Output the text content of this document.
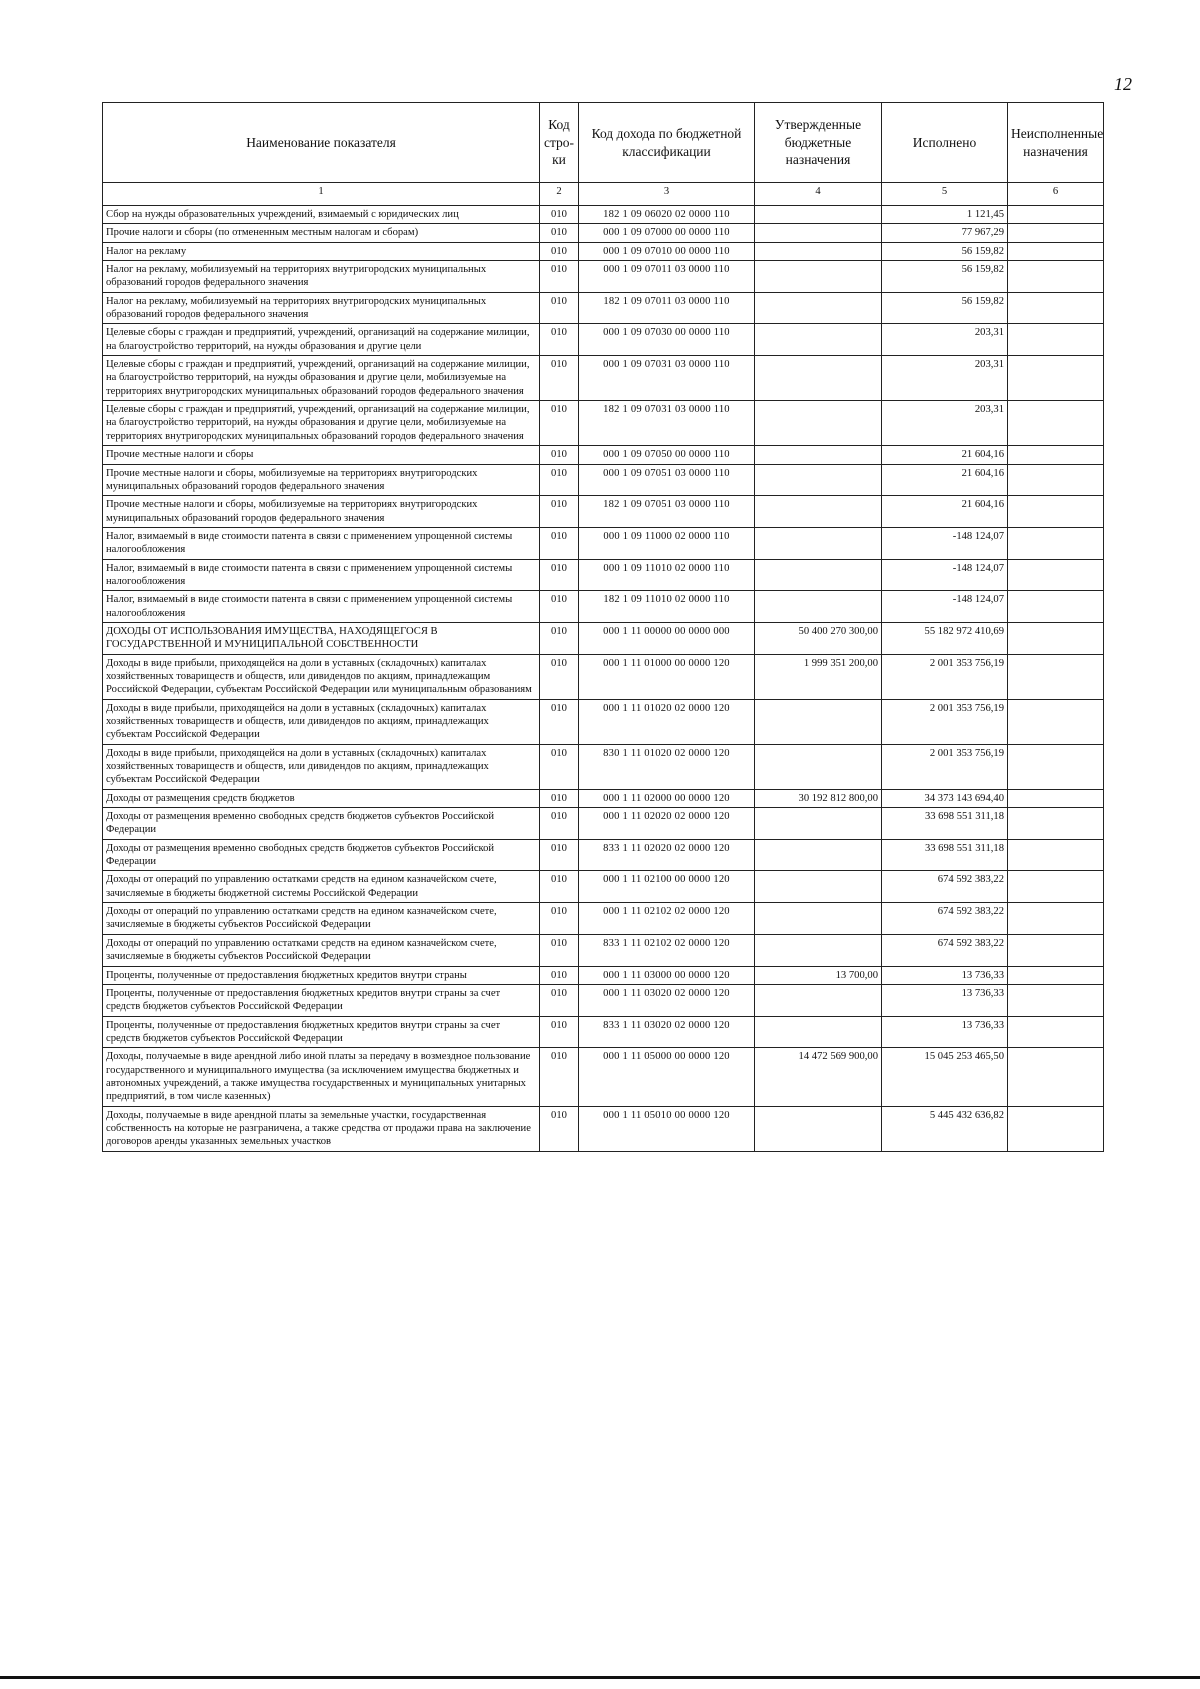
12
Наименование показателя	Код стро-ки	Код дохода по бюджетной классификации	Утвержденные бюджетные назначения	Исполнено	Неисполненные назначения
1	2	3	4	5	6
Сбор на нужды образовательных учреждений, взимаемый с юридических лиц	010	182 1 09 06020 02 0000 110		1 121,45	
Прочие налоги и сборы (по отмененным местным налогам и сборам)	010	000 1 09 07000 00 0000 110		77 967,29	
Налог на рекламу	010	000 1 09 07010 00 0000 110		56 159,82	
Налог на рекламу, мобилизуемый на территориях внутригородских муниципальных образований городов федерального значения	010	000 1 09 07011 03 0000 110		56 159,82	
Налог на рекламу, мобилизуемый на территориях внутригородских муниципальных образований городов федерального значения	010	182 1 09 07011 03 0000 110		56 159,82	
Целевые сборы с граждан и предприятий, учреждений, организаций на содержание милиции, на благоустройство территорий, на нужды образования и другие цели	010	000 1 09 07030 00 0000 110		203,31	
Целевые сборы с граждан и предприятий, учреждений, организаций на содержание милиции, на благоустройство территорий, на нужды образования и другие цели, мобилизуемые на территориях внутригородских муниципальных образований городов федерального значения	010	000 1 09 07031 03 0000 110		203,31	
Целевые сборы с граждан и предприятий, учреждений, организаций на содержание милиции, на благоустройство территорий, на нужды образования и другие цели, мобилизуемые на территориях внутригородских муниципальных образований городов федерального значения	010	182 1 09 07031 03 0000 110		203,31	
Прочие местные налоги и сборы	010	000 1 09 07050 00 0000 110		21 604,16	
Прочие местные налоги и сборы, мобилизуемые на территориях внутригородских муниципальных образований городов федерального значения	010	000 1 09 07051 03 0000 110		21 604,16	
Прочие местные налоги и сборы, мобилизуемые на территориях внутригородских муниципальных образований городов федерального значения	010	182 1 09 07051 03 0000 110		21 604,16	
Налог, взимаемый в виде стоимости патента в связи с применением упрощенной системы налогообложения	010	000 1 09 11000 02 0000 110		-148 124,07	
Налог, взимаемый в виде стоимости патента в связи с применением упрощенной системы налогообложения	010	000 1 09 11010 02 0000 110		-148 124,07	
Налог, взимаемый в виде стоимости патента в связи с применением упрощенной системы налогообложения	010	182 1 09 11010 02 0000 110		-148 124,07	
ДОХОДЫ ОТ ИСПОЛЬЗОВАНИЯ ИМУЩЕСТВА, НАХОДЯЩЕГОСЯ В ГОСУДАРСТВЕННОЙ И МУНИЦИПАЛЬНОЙ СОБСТВЕННОСТИ	010	000 1 11 00000 00 0000 000	50 400 270 300,00	55 182 972 410,69	
Доходы в виде прибыли, приходящейся на доли в уставных (складочных) капиталах хозяйственных товариществ и обществ, или дивидендов по акциям, принадлежащим Российской Федерации, субъектам Российской Федерации или муниципальным образованиям	010	000 1 11 01000 00 0000 120	1 999 351 200,00	2 001 353 756,19	
Доходы в виде прибыли, приходящейся на доли в уставных (складочных) капиталах хозяйственных товариществ и обществ, или дивидендов по акциям, принадлежащих субъектам Российской Федерации	010	000 1 11 01020 02 0000 120		2 001 353 756,19	
Доходы в виде прибыли, приходящейся на доли в уставных (складочных) капиталах хозяйственных товариществ и обществ, или дивидендов по акциям, принадлежащих субъектам Российской Федерации	010	830 1 11 01020 02 0000 120		2 001 353 756,19	
Доходы от размещения средств бюджетов	010	000 1 11 02000 00 0000 120	30 192 812 800,00	34 373 143 694,40	
Доходы от размещения временно свободных средств бюджетов субъектов Российской Федерации	010	000 1 11 02020 02 0000 120		33 698 551 311,18	
Доходы от размещения временно свободных средств бюджетов субъектов Российской Федерации	010	833 1 11 02020 02 0000 120		33 698 551 311,18	
Доходы от операций по управлению остатками средств на едином казначейском счете, зачисляемые в бюджеты бюджетной системы Российской Федерации	010	000 1 11 02100 00 0000 120		674 592 383,22	
Доходы от операций по управлению остатками средств на едином казначейском счете, зачисляемые в бюджеты субъектов Российской Федерации	010	000 1 11 02102 02 0000 120		674 592 383,22	
Доходы от операций по управлению остатками средств на едином казначейском счете, зачисляемые в бюджеты субъектов Российской Федерации	010	833 1 11 02102 02 0000 120		674 592 383,22	
Проценты, полученные от предоставления бюджетных кредитов внутри страны	010	000 1 11 03000 00 0000 120	13 700,00	13 736,33	
Проценты, полученные от предоставления бюджетных кредитов внутри страны за счет средств бюджетов субъектов Российской Федерации	010	000 1 11 03020 02 0000 120		13 736,33	
Проценты, полученные от предоставления бюджетных кредитов внутри страны за счет средств бюджетов субъектов Российской Федерации	010	833 1 11 03020 02 0000 120		13 736,33	
Доходы, получаемые в виде арендной либо иной платы за передачу в возмездное пользование государственного и муниципального имущества (за исключением имущества бюджетных и автономных учреждений, а также имущества государственных и муниципальных унитарных предприятий, в том числе казенных)	010	000 1 11 05000 00 0000 120	14 472 569 900,00	15 045 253 465,50	
Доходы, получаемые в виде арендной платы за земельные участки, государственная собственность на которые не разграничена, а также средства от продажи права на заключение договоров аренды указанных земельных участков	010	000 1 11 05010 00 0000 120		5 445 432 636,82	
